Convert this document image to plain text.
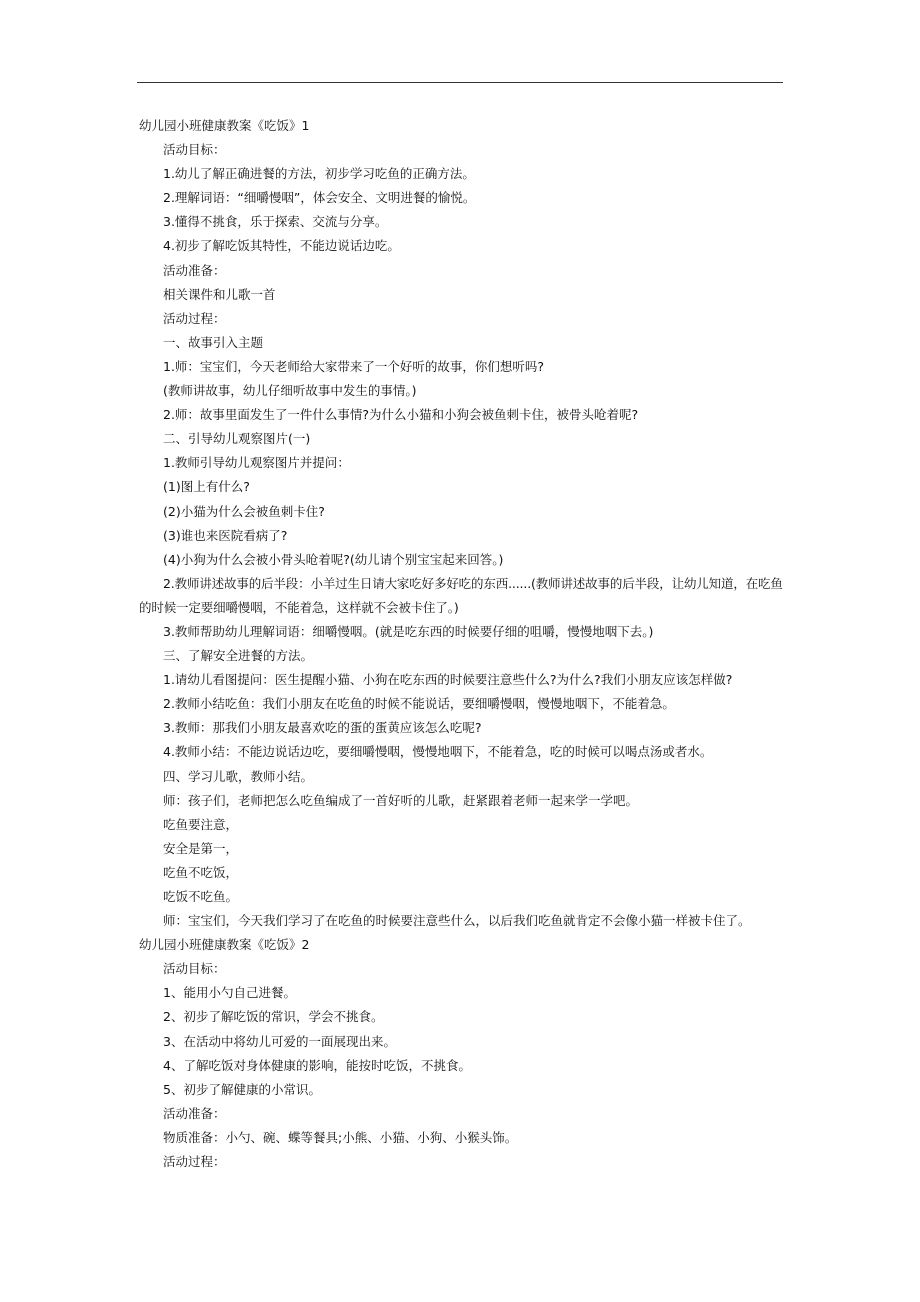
幼儿园小班健康教案《吃饭》1

活动目标：

1.幼儿了解正确进餐的方法，初步学习吃鱼的正确方法。

2.理解词语：“细嚼慢咽”，体会安全、文明进餐的愉悦。

3.懂得不挑食，乐于探索、交流与分享。

4.初步了解吃饭其特性，不能边说话边吃。

活动准备：

相关课件和儿歌一首

活动过程：

一、故事引入主题

1.师：宝宝们，今天老师给大家带来了一个好听的故事，你们想听吗?

(教师讲故事，幼儿仔细听故事中发生的事情。)

2.师：故事里面发生了一件什么事情?为什么小猫和小狗会被鱼刺卡住，被骨头呛着呢?

二、引导幼儿观察图片(一)

1.教师引导幼儿观察图片并提问：

(1)图上有什么?

(2)小猫为什么会被鱼刺卡住?

(3)谁也来医院看病了?

(4)小狗为什么会被小骨头呛着呢?(幼儿请个别宝宝起来回答。)

2.教师讲述故事的后半段：小羊过生日请大家吃好多好吃的东西......(教师讲述故事的后半段，让幼儿知道，在吃鱼的时候一定要细嚼慢咽，不能着急，这样就不会被卡住了。)

3.教师帮助幼儿理解词语：细嚼慢咽。(就是吃东西的时候要仔细的咀嚼，慢慢地咽下去。)

三、了解安全进餐的方法。

1.请幼儿看图提问：医生提醒小猫、小狗在吃东西的时候要注意些什么?为什么?我们小朋友应该怎样做?

2.教师小结吃鱼：我们小朋友在吃鱼的时候不能说话，要细嚼慢咽，慢慢地咽下，不能着急。

3.教师：那我们小朋友最喜欢吃的蛋的蛋黄应该怎么吃呢?

4.教师小结：不能边说话边吃，要细嚼慢咽，慢慢地咽下，不能着急，吃的时候可以喝点汤或者水。

四、学习儿歌，教师小结。

师：孩子们，老师把怎么吃鱼编成了一首好听的儿歌，赶紧跟着老师一起来学一学吧。

吃鱼要注意，

安全是第一，

吃鱼不吃饭，

吃饭不吃鱼。

师：宝宝们，今天我们学习了在吃鱼的时候要注意些什么，以后我们吃鱼就肯定不会像小猫一样被卡住了。

幼儿园小班健康教案《吃饭》2

活动目标：

1、能用小勺自己进餐。

2、初步了解吃饭的常识，学会不挑食。

3、在活动中将幼儿可爱的一面展现出来。

4、了解吃饭对身体健康的影响，能按时吃饭，不挑食。

5、初步了解健康的小常识。

活动准备：

物质准备：小勺、碗、蝶等餐具;小熊、小猫、小狗、小猴头饰。

活动过程：
